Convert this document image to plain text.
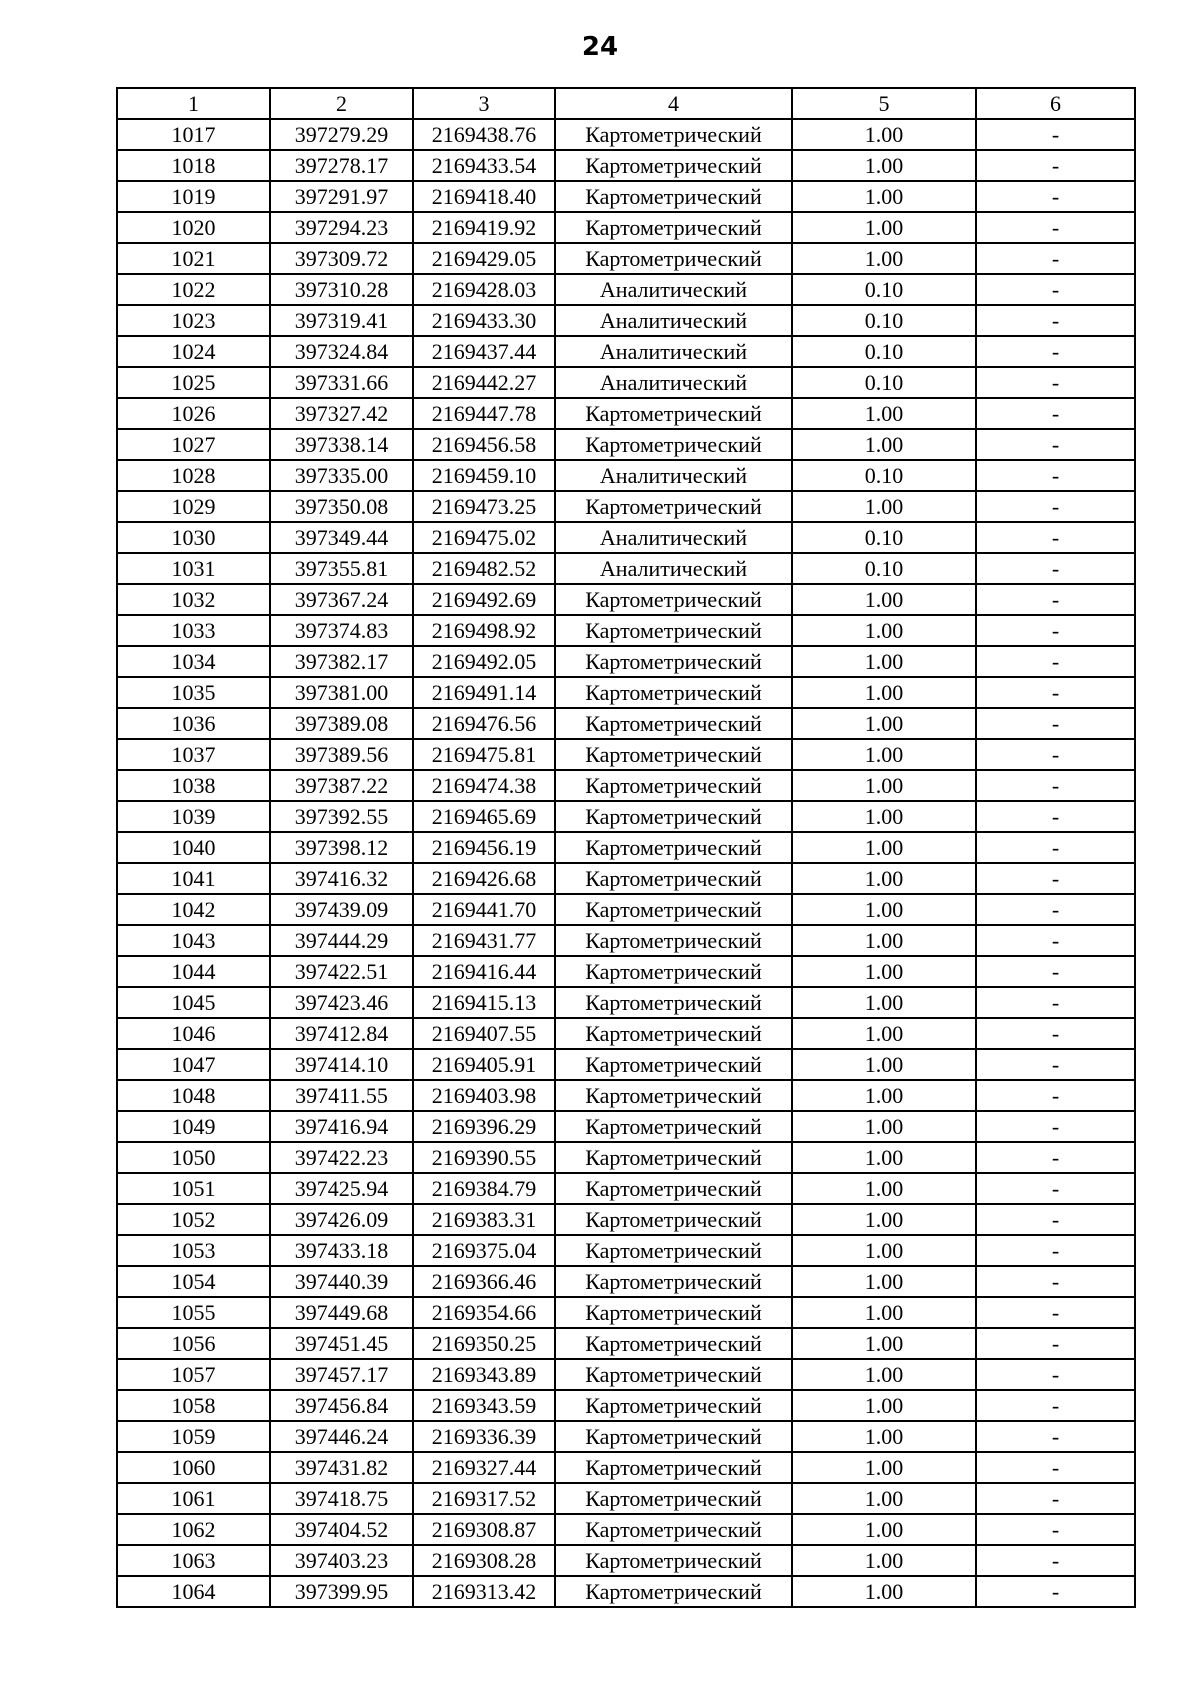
24
1	2	3	4	5	6
1017	397279.29	2169438.76	Картометрический	1.00	-
1018	397278.17	2169433.54	Картометрический	1.00	-
1019	397291.97	2169418.40	Картометрический	1.00	-
1020	397294.23	2169419.92	Картометрический	1.00	-
1021	397309.72	2169429.05	Картометрический	1.00	-
1022	397310.28	2169428.03	Аналитический	0.10	-
1023	397319.41	2169433.30	Аналитический	0.10	-
1024	397324.84	2169437.44	Аналитический	0.10	-
1025	397331.66	2169442.27	Аналитический	0.10	-
1026	397327.42	2169447.78	Картометрический	1.00	-
1027	397338.14	2169456.58	Картометрический	1.00	-
1028	397335.00	2169459.10	Аналитический	0.10	-
1029	397350.08	2169473.25	Картометрический	1.00	-
1030	397349.44	2169475.02	Аналитический	0.10	-
1031	397355.81	2169482.52	Аналитический	0.10	-
1032	397367.24	2169492.69	Картометрический	1.00	-
1033	397374.83	2169498.92	Картометрический	1.00	-
1034	397382.17	2169492.05	Картометрический	1.00	-
1035	397381.00	2169491.14	Картометрический	1.00	-
1036	397389.08	2169476.56	Картометрический	1.00	-
1037	397389.56	2169475.81	Картометрический	1.00	-
1038	397387.22	2169474.38	Картометрический	1.00	-
1039	397392.55	2169465.69	Картометрический	1.00	-
1040	397398.12	2169456.19	Картометрический	1.00	-
1041	397416.32	2169426.68	Картометрический	1.00	-
1042	397439.09	2169441.70	Картометрический	1.00	-
1043	397444.29	2169431.77	Картометрический	1.00	-
1044	397422.51	2169416.44	Картометрический	1.00	-
1045	397423.46	2169415.13	Картометрический	1.00	-
1046	397412.84	2169407.55	Картометрический	1.00	-
1047	397414.10	2169405.91	Картометрический	1.00	-
1048	397411.55	2169403.98	Картометрический	1.00	-
1049	397416.94	2169396.29	Картометрический	1.00	-
1050	397422.23	2169390.55	Картометрический	1.00	-
1051	397425.94	2169384.79	Картометрический	1.00	-
1052	397426.09	2169383.31	Картометрический	1.00	-
1053	397433.18	2169375.04	Картометрический	1.00	-
1054	397440.39	2169366.46	Картометрический	1.00	-
1055	397449.68	2169354.66	Картометрический	1.00	-
1056	397451.45	2169350.25	Картометрический	1.00	-
1057	397457.17	2169343.89	Картометрический	1.00	-
1058	397456.84	2169343.59	Картометрический	1.00	-
1059	397446.24	2169336.39	Картометрический	1.00	-
1060	397431.82	2169327.44	Картометрический	1.00	-
1061	397418.75	2169317.52	Картометрический	1.00	-
1062	397404.52	2169308.87	Картометрический	1.00	-
1063	397403.23	2169308.28	Картометрический	1.00	-
1064	397399.95	2169313.42	Картометрический	1.00	-
